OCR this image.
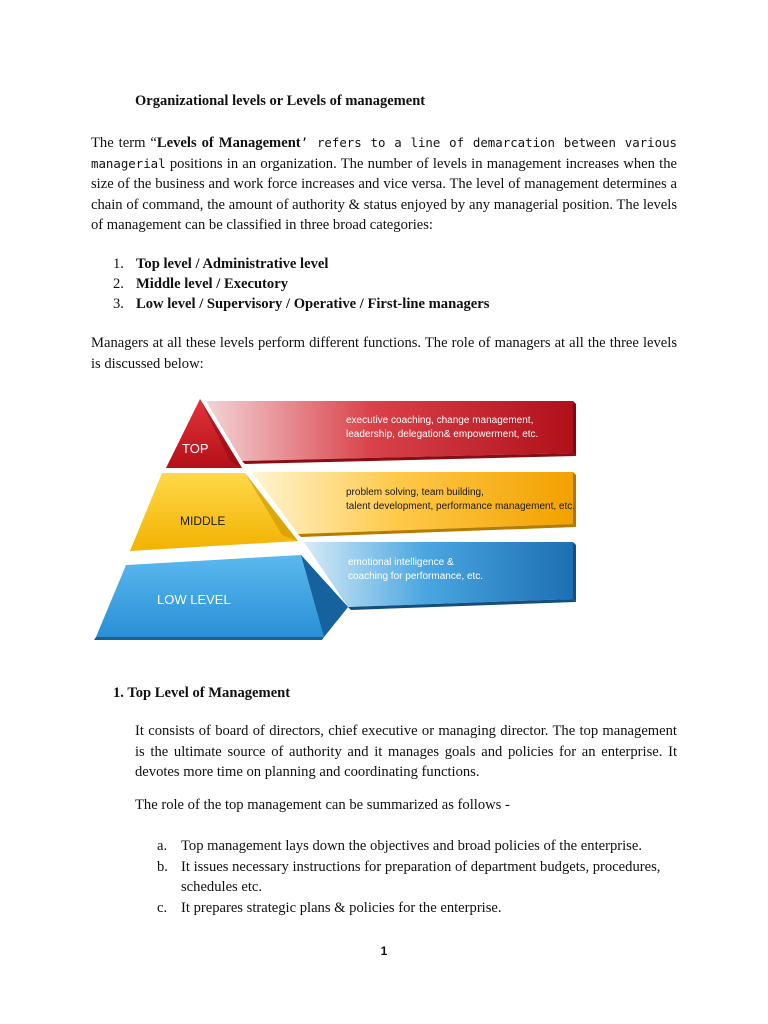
Organizational levels or Levels of management
The term “Levels of Management’ refers to a line of demarcation between various managerial positions in an organization. The number of levels in management increases when the size of the business and work force increases and vice versa. The level of management determines a chain of command, the amount of authority & status enjoyed by any managerial position. The levels of management can be classified in three broad categories:
1. Top level / Administrative level
2. Middle level / Executory
3. Low level / Supervisory / Operative / First-line managers
Managers at all these levels perform different functions. The role of managers at all the three levels is discussed below:
executive coaching, change management,
leadership, delegation& empowerment, etc.
TOP
problem solving, team building,
talent development, performance management, etc.
MIDDLE
emotional intelligence &
coaching for performance, etc.
LOW LEVEL
1. Top Level of Management
It consists of board of directors, chief executive or managing director. The top management is the ultimate source of authority and it manages goals and policies for an enterprise. It devotes more time on planning and coordinating functions.
The role of the top management can be summarized as follows -
a. Top management lays down the objectives and broad policies of the enterprise.
b. It issues necessary instructions for preparation of department budgets, procedures, schedules etc.
c. It prepares strategic plans & policies for the enterprise.
1
